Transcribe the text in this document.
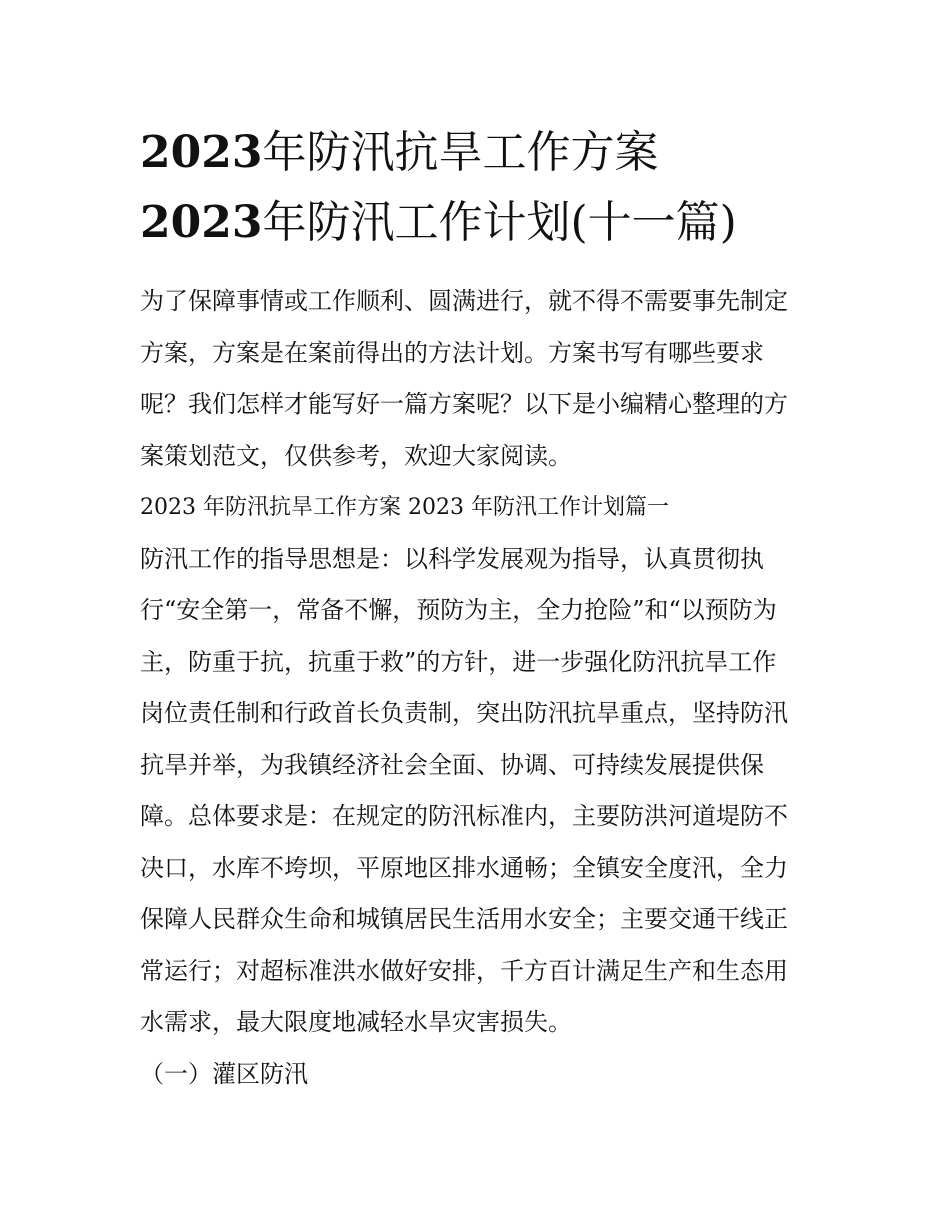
2023年防汛抗旱工作方案
2023年防汛工作计划(十一篇)
为了保障事情或工作顺利、圆满进行，就不得不需要事先制定
方案，方案是在案前得出的方法计划。方案书写有哪些要求
呢？我们怎样才能写好一篇方案呢？以下是小编精心整理的方
案策划范文，仅供参考，欢迎大家阅读。
2023 年防汛抗旱工作方案 2023 年防汛工作计划篇一
防汛工作的指导思想是：以科学发展观为指导，认真贯彻执
行“安全第一，常备不懈，预防为主，全力抢险”和“以预防为
主，防重于抗，抗重于救”的方针，进一步强化防汛抗旱工作
岗位责任制和行政首长负责制，突出防汛抗旱重点，坚持防汛
抗旱并举，为我镇经济社会全面、协调、可持续发展提供保
障。总体要求是：在规定的防汛标准内，主要防洪河道堤防不
决口，水库不垮坝，平原地区排水通畅；全镇安全度汛，全力
保障人民群众生命和城镇居民生活用水安全；主要交通干线正
常运行；对超标准洪水做好安排，千方百计满足生产和生态用
水需求，最大限度地减轻水旱灾害损失。
（一）灌区防汛
